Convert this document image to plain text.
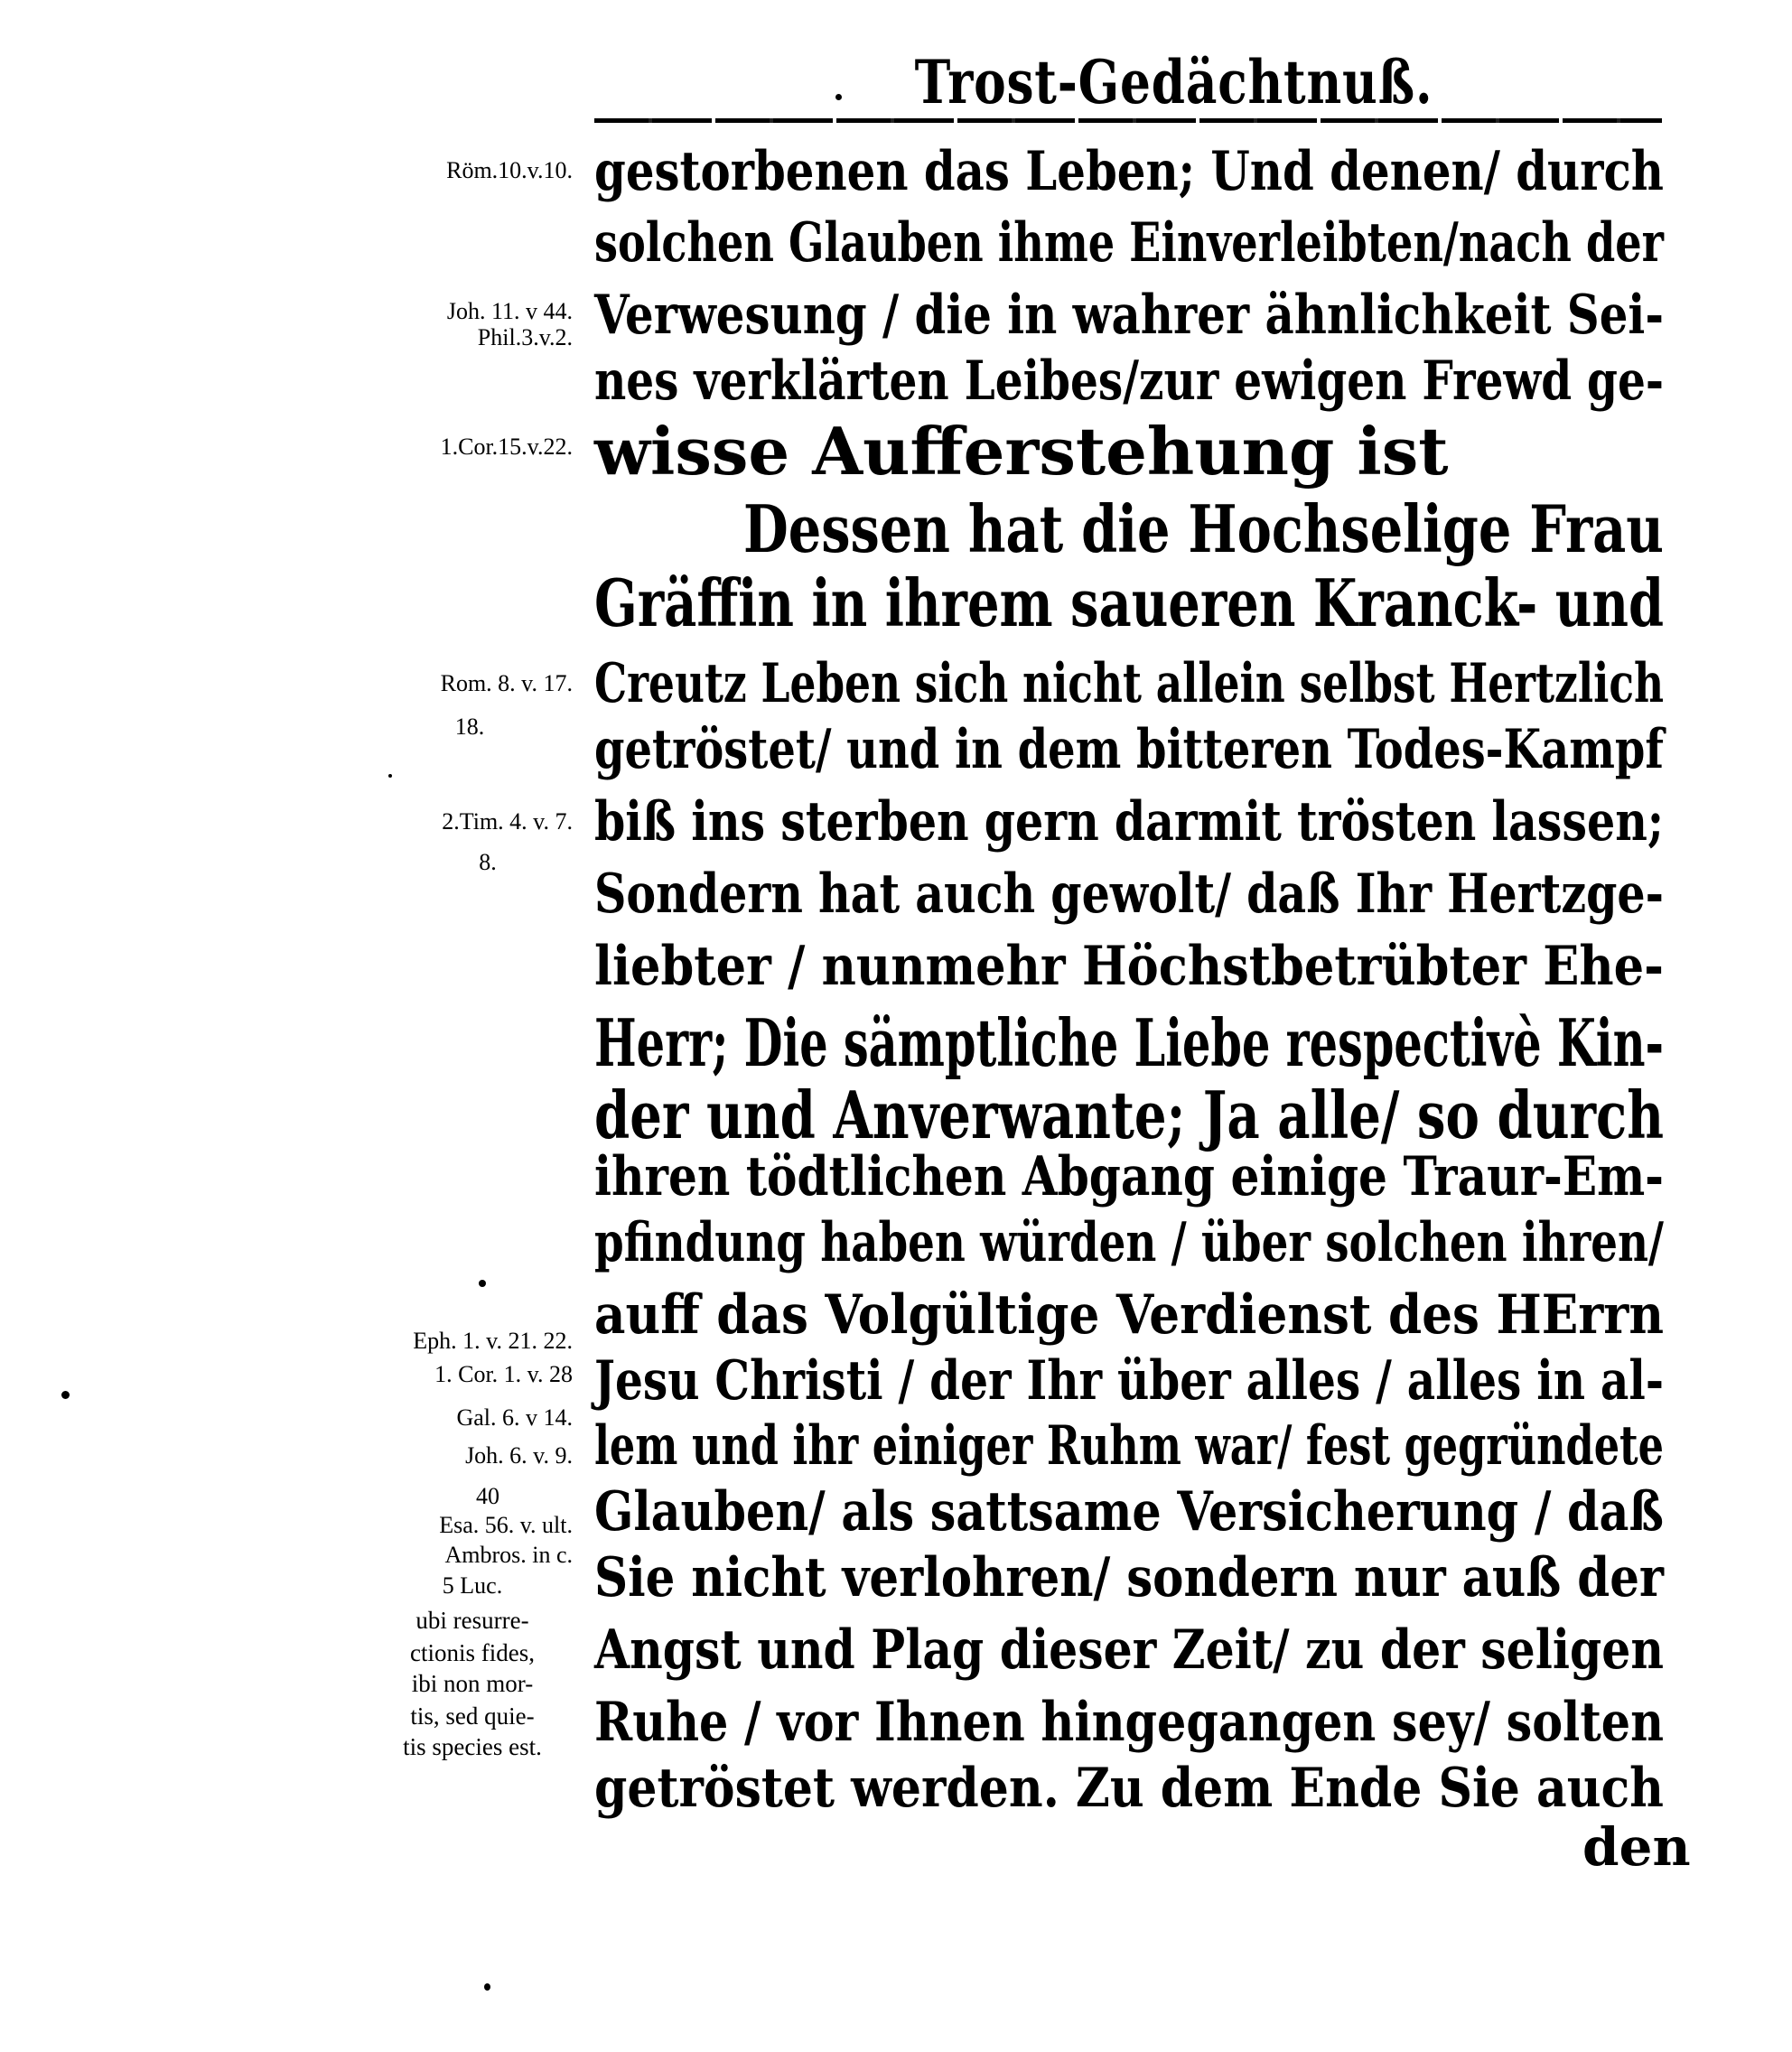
Trost-Gedächtnuß.
gestorbenen das Leben; Und denen/ durch
solchen Glauben ihme Einverleibten/nach der
Verwesung / die in wahrer ähnlichkeit Sei-
nes verklärten Leibes/zur ewigen Frewd ge-
wisse Aufferstehung ist
Dessen hat die Hochselige Frau
Gräffin in ihrem saueren Kranck- und
Creutz Leben sich nicht allein selbst Hertzlich
getröstet/ und in dem bitteren Todes-Kampf
biß ins sterben gern darmit trösten lassen;
Sondern hat auch gewolt/ daß Ihr Hertzge-
liebter / nunmehr Höchstbetrübter Ehe-
Herr; Die sämptliche Liebe respectivè Kin-
der und Anverwante; Ja alle/ so durch
ihren tödtlichen Abgang einige Traur-Em-
pfindung haben würden / über solchen ihren/
auff das Volgültige Verdienst des HErrn
Jesu Christi / der Ihr über alles / alles in al-
lem und ihr einiger Ruhm war/ fest gegründete
Glauben/ als sattsame Versicherung / daß
Sie nicht verlohren/ sondern nur auß der
Angst und Plag dieser Zeit/ zu der seligen
Ruhe / vor Ihnen hingegangen sey/ solten
getröstet werden. Zu dem Ende Sie auch
den
Röm.10.v.10.
Joh. 11. v 44.
Phil.3.v.2.
1.Cor.15.v.22.
Rom. 8. v. 17.
18.
2.Tim. 4. v. 7.
8.
Eph. 1. v. 21. 22.
1. Cor. 1. v. 28
Gal. 6. v 14.
Joh. 6. v. 9.
40
Esa. 56. v. ult.
Ambros. in c.
5 Luc.
ubi resurre-
ctionis fides,
ibi non mor-
tis, sed quie-
tis species est.
